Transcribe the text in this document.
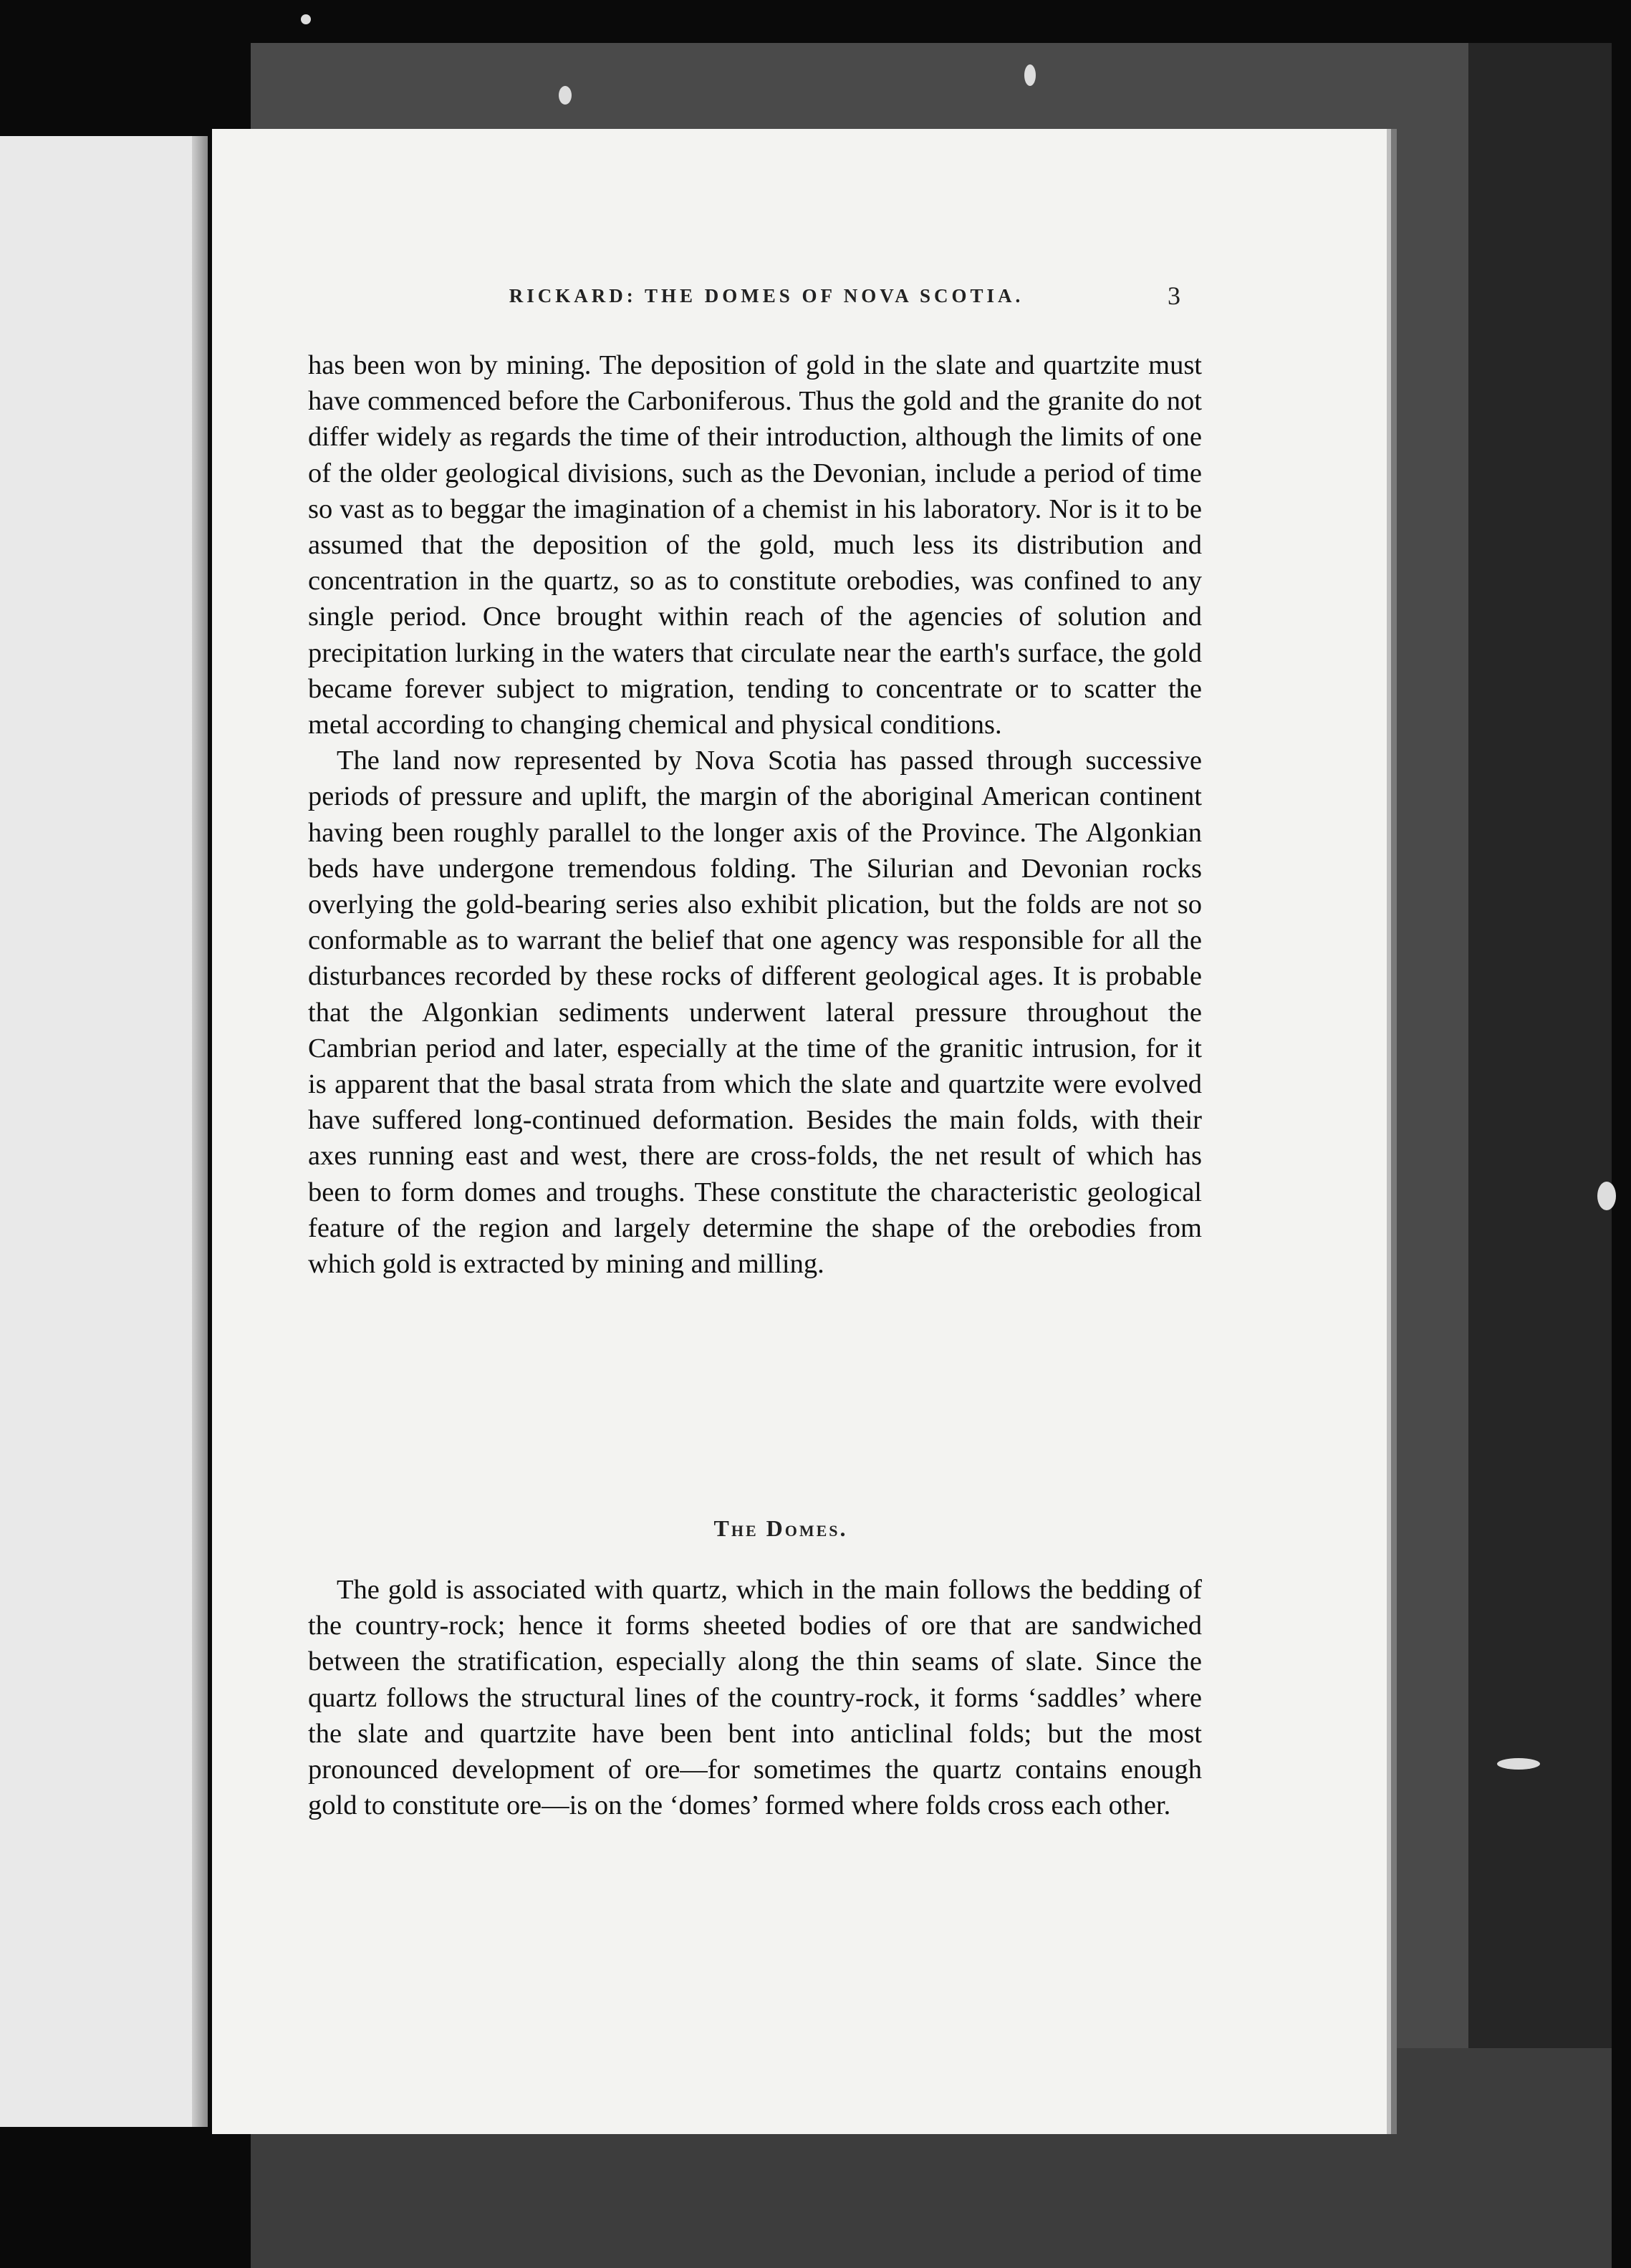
RICKARD: THE DOMES OF NOVA SCOTIA.	3

has been won by mining. The deposition of gold in the slate and quartzite must have commenced before the Carboniferous. Thus the gold and the granite do not differ widely as regards the time of their introduction, although the limits of one of the older geological divisions, such as the Devonian, include a period of time so vast as to beggar the imagination of a chemist in his laboratory. Nor is it to be assumed that the deposition of the gold, much less its distribution and concentration in the quartz, so as to constitute orebodies, was confined to any single period. Once brought within reach of the agencies of solution and precipitation lurking in the waters that circulate near the earth's surface, the gold became forever subject to migration, tending to concentrate or to scatter the metal according to changing chemical and physical conditions.

The land now represented by Nova Scotia has passed through successive periods of pressure and uplift, the margin of the aboriginal American continent having been roughly parallel to the longer axis of the Province. The Algonkian beds have undergone tremendous folding. The Silurian and Devonian rocks overlying the gold-bearing series also exhibit plication, but the folds are not so conformable as to warrant the belief that one agency was responsible for all the disturbances recorded by these rocks of different geological ages. It is probable that the Algonkian sediments underwent lateral pressure throughout the Cambrian period and later, especially at the time of the granitic intrusion, for it is apparent that the basal strata from which the slate and quartzite were evolved have suffered long-continued deformation. Besides the main folds, with their axes running east and west, there are cross-folds, the net result of which has been to form domes and troughs. These constitute the characteristic geological feature of the region and largely determine the shape of the orebodies from which gold is extracted by mining and milling.

The Domes.

The gold is associated with quartz, which in the main follows the bedding of the country-rock; hence it forms sheeted bodies of ore that are sandwiched between the stratification, especially along the thin seams of slate. Since the quartz follows the structural lines of the country-rock, it forms ‘saddles’ where the slate and quartzite have been bent into anticlinal folds; but the most pronounced development of ore—for sometimes the quartz contains enough gold to constitute ore—is on the ‘domes’ formed where folds cross each other.
